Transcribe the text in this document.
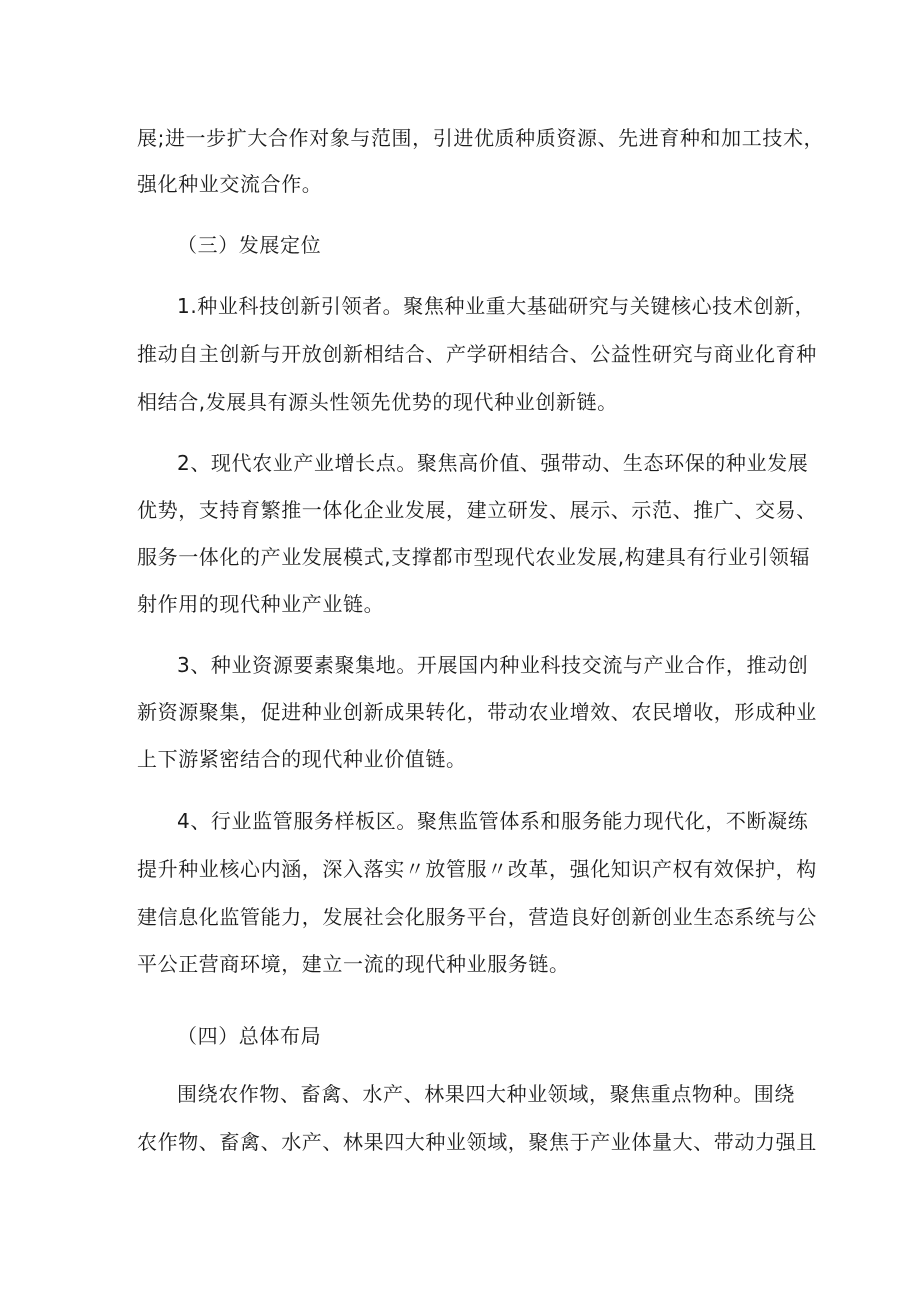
展;进一步扩大合作对象与范围，引进优质种质资源、先进育种和加工技术，

强化种业交流合作。

（三）发展定位

1.种业科技创新引领者。聚焦种业重大基础研究与关键核心技术创新，

推动自主创新与开放创新相结合、产学研相结合、公益性研究与商业化育种

相结合,发展具有源头性领先优势的现代种业创新链。

2、现代农业产业增长点。聚焦高价值、强带动、生态环保的种业发展

优势，支持育繁推一体化企业发展，建立研发、展示、示范、推广、交易、

服务一体化的产业发展模式,支撑都市型现代农业发展,构建具有行业引领辐

射作用的现代种业产业链。

3、种业资源要素聚集地。开展国内种业科技交流与产业合作，推动创

新资源聚集，促进种业创新成果转化，带动农业增效、农民增收，形成种业

上下游紧密结合的现代种业价值链。

4、行业监管服务样板区。聚焦监管体系和服务能力现代化，不断凝练

提升种业核心内涵，深入落实〃放管服〃改革，强化知识产权有效保护，构

建信息化监管能力，发展社会化服务平台，营造良好创新创业生态系统与公

平公正营商环境，建立一流的现代种业服务链。

（四）总体布局

围绕农作物、畜禽、水产、林果四大种业领域，聚焦重点物种。围绕

农作物、畜禽、水产、林果四大种业领域，聚焦于产业体量大、带动力强且
